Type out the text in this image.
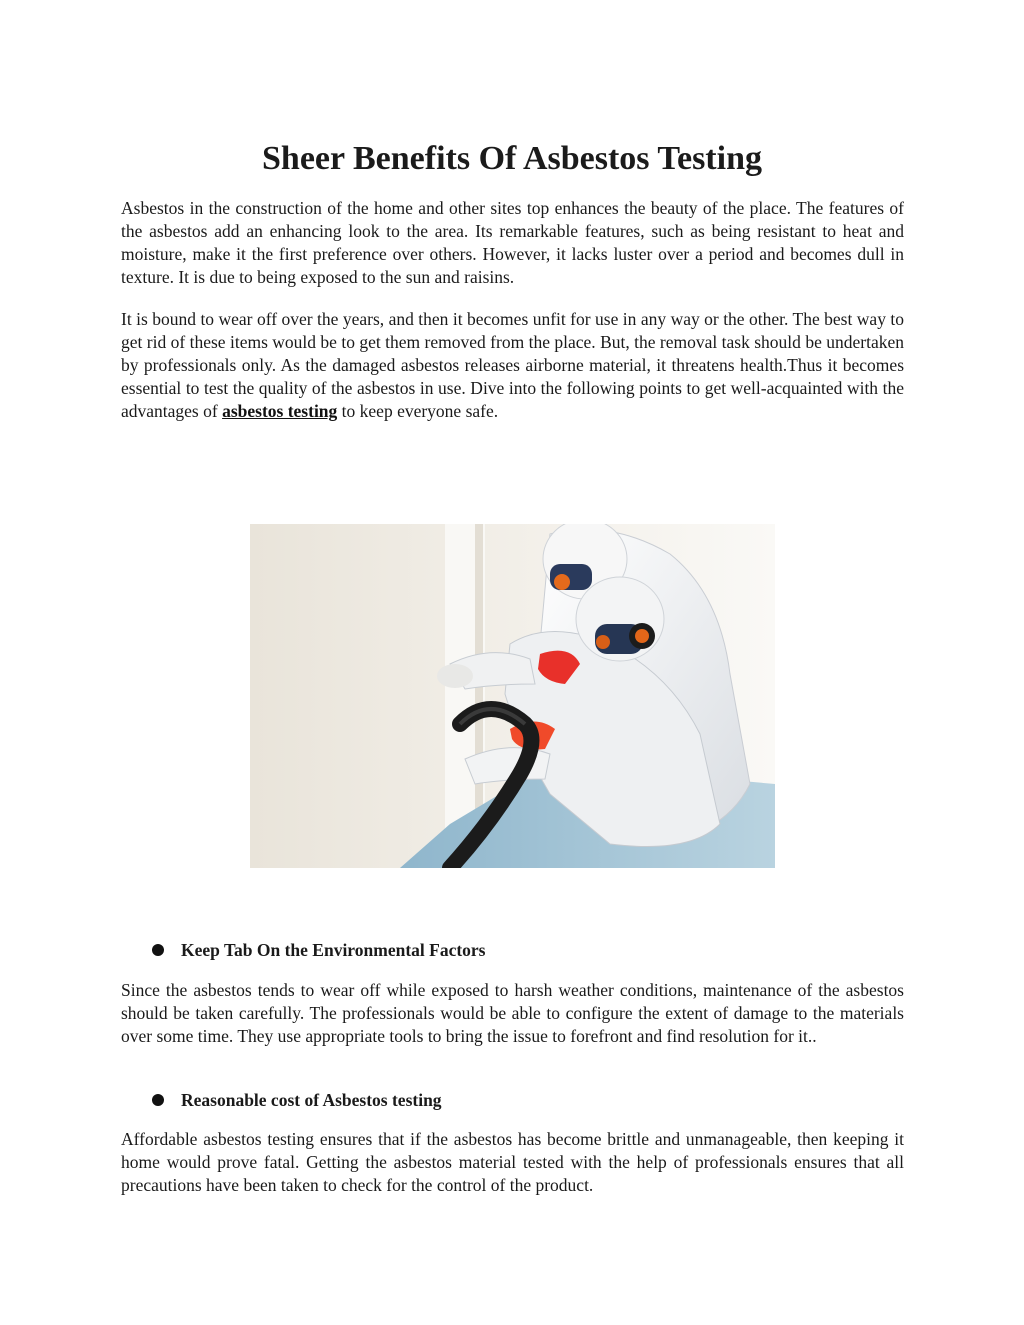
Sheer Benefits Of Asbestos Testing

Asbestos in the construction of the home and other sites top enhances the beauty of the place. The features of the asbestos add an enhancing look to the area. Its remarkable features, such as being resistant to heat and moisture, make it the first preference over others. However, it lacks luster over a period and becomes dull in texture. It is due to being exposed to the sun and raisins.

It is bound to wear off over the years, and then it becomes unfit for use in any way or the other. The best way to get rid of these items would be to get them removed from the place. But, the removal task should be undertaken by professionals only. As the damaged asbestos releases airborne material, it threatens health.Thus it becomes essential to test the quality of the asbestos in use. Dive into the following points to get well-acquainted with the advantages of asbestos testing to keep everyone safe.

Keep Tab On the Environmental Factors

Since the asbestos tends to wear off while exposed to harsh weather conditions, maintenance of the asbestos should be taken carefully. The professionals would be able to configure the extent of damage to the materials over some time. They use appropriate tools to bring the issue to forefront and find resolution for it..

Reasonable cost of Asbestos testing

Affordable asbestos testing ensures that if the asbestos has become brittle and unmanageable, then keeping it home would prove fatal. Getting the asbestos material tested with the help of professionals ensures that all precautions have been taken to check for the control of the product.
